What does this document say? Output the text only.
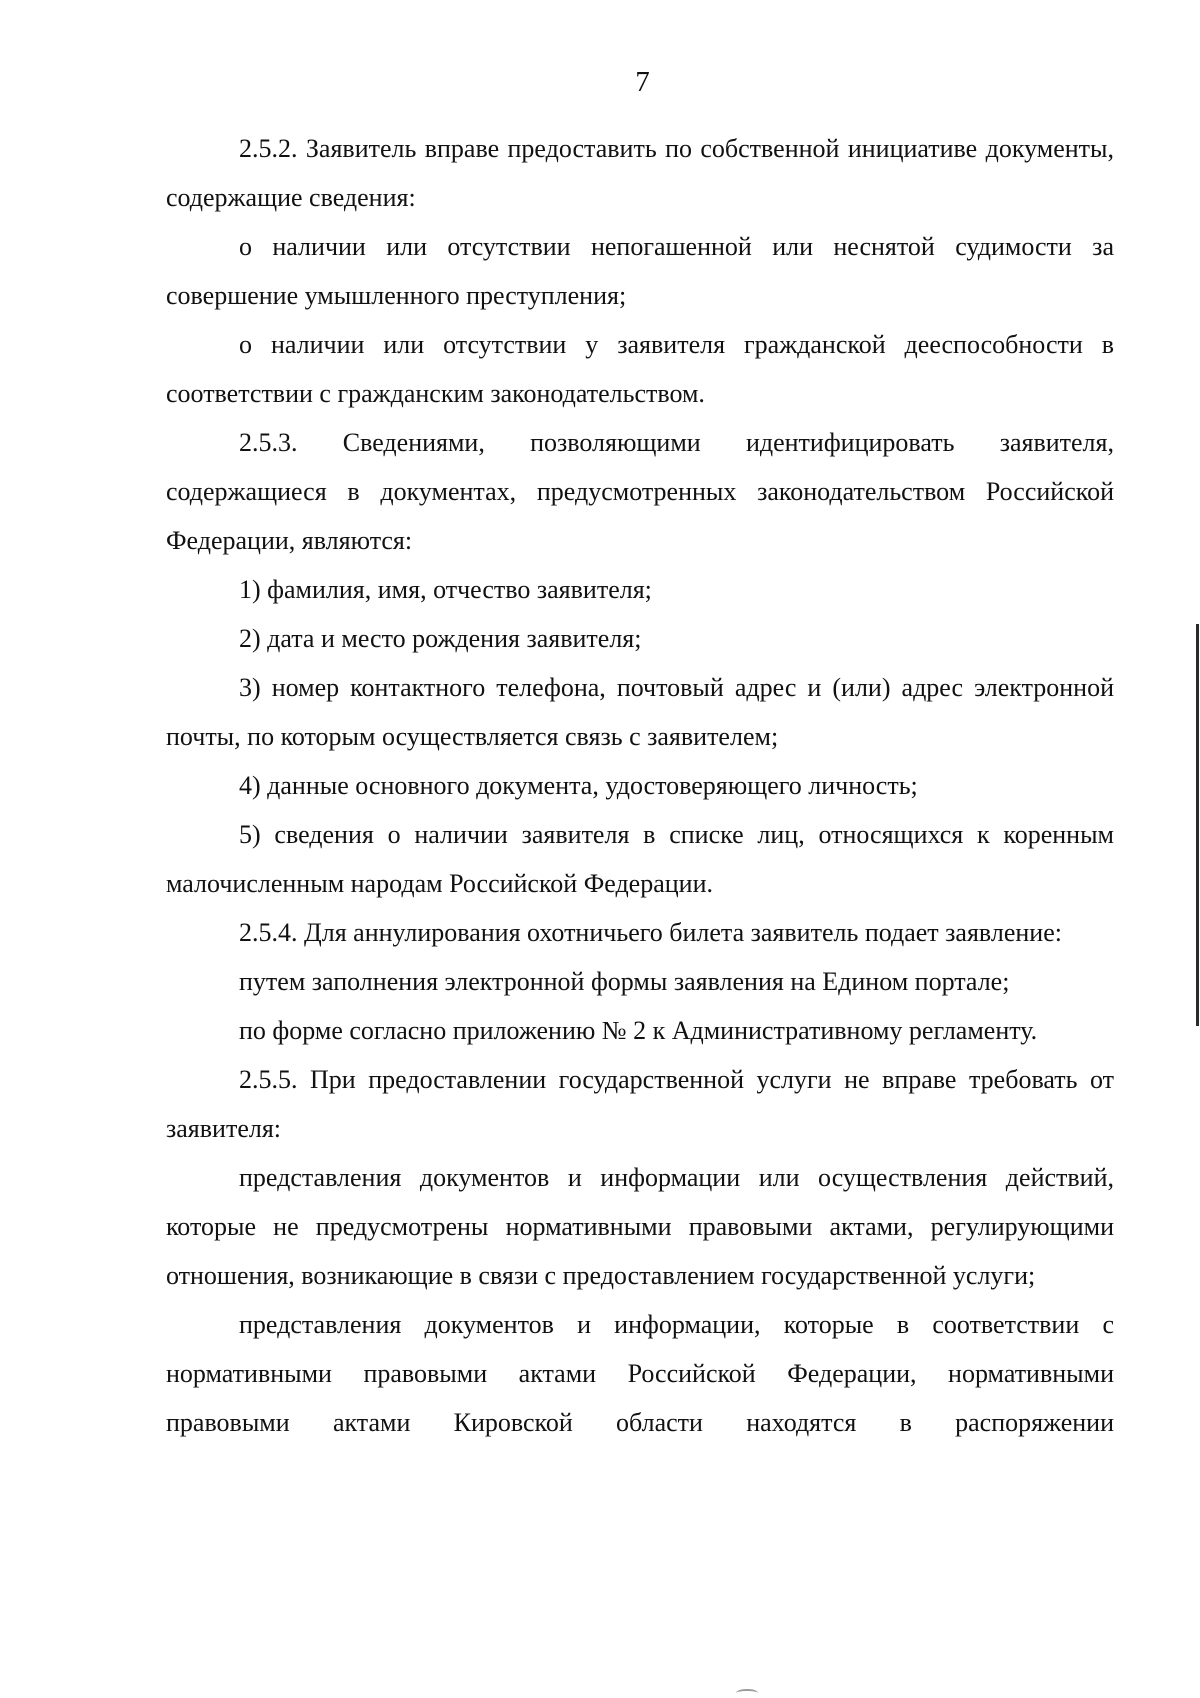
7

2.5.2. Заявитель вправе предоставить по собственной инициативе документы, содержащие сведения:

о наличии или отсутствии непогашенной или неснятой судимости за совершение умышленного преступления;

о наличии или отсутствии у заявителя гражданской дееспособности в соответствии с гражданским законодательством.

2.5.3. Сведениями, позволяющими идентифицировать заявителя, содержащиеся в документах, предусмотренных законодательством Российской Федерации, являются:

1) фамилия, имя, отчество заявителя;

2) дата и место рождения заявителя;

3) номер контактного телефона, почтовый адрес и (или) адрес электронной почты, по которым осуществляется связь с заявителем;

4) данные основного документа, удостоверяющего личность;

5) сведения о наличии заявителя в списке лиц, относящихся к коренным малочисленным народам Российской Федерации.

2.5.4. Для аннулирования охотничьего билета заявитель подает заявление:

путем заполнения электронной формы заявления на Едином портале;

по форме согласно приложению № 2 к Административному регламенту.

2.5.5. При предоставлении государственной услуги не вправе требовать от заявителя:

представления документов и информации или осуществления действий, которые не предусмотрены нормативными правовыми актами, регулирующими отношения, возникающие в связи с предоставлением государственной услуги;

представления документов и информации, которые в соответствии с нормативными правовыми актами Российской Федерации, нормативными правовыми актами Кировской области находятся в распоряжении
